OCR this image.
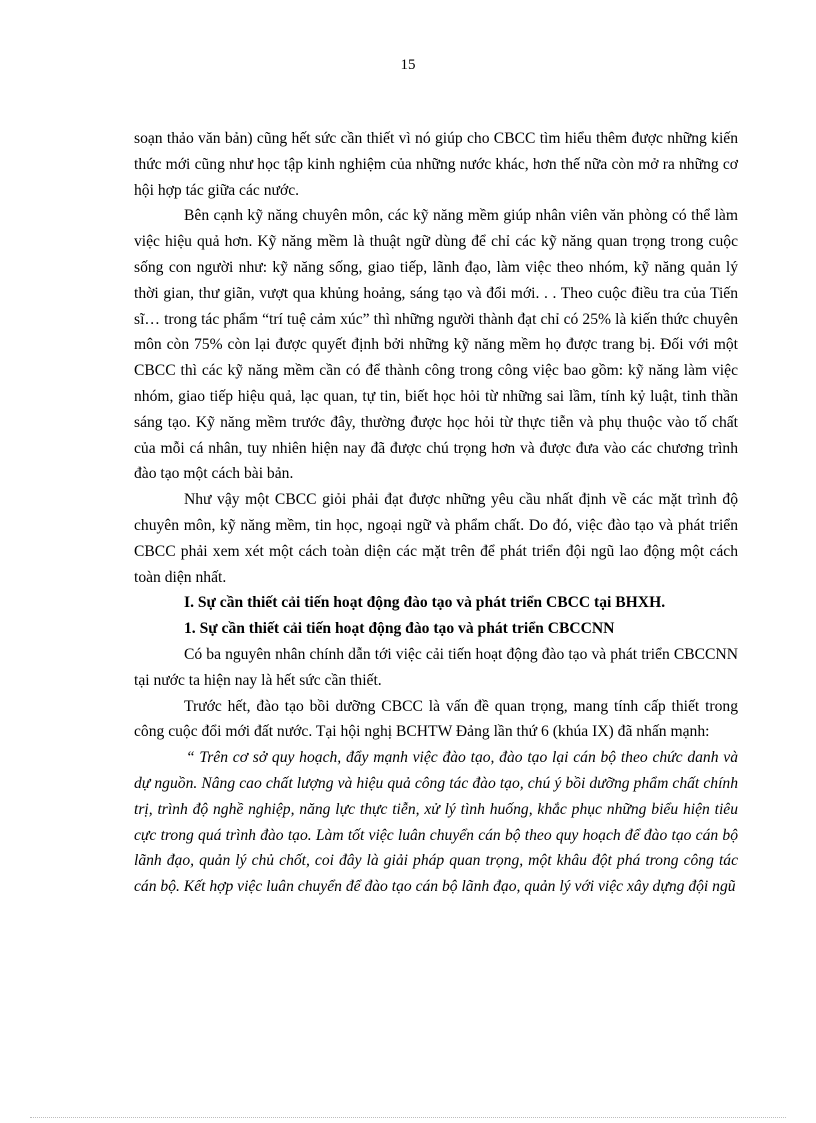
15

soạn thảo văn bản) cũng hết sức cần thiết vì nó giúp cho CBCC tìm hiểu thêm được những kiến thức mới cũng như học tập kinh nghiệm của những nước khác, hơn thế nữa còn mở ra những cơ hội hợp tác giữa các nước.

Bên cạnh kỹ năng chuyên môn, các kỹ năng mềm giúp nhân viên văn phòng có thể làm việc hiệu quả hơn. Kỹ năng mềm là thuật ngữ dùng để chỉ các kỹ năng quan trọng trong cuộc sống con người như: kỹ năng sống, giao tiếp, lãnh đạo, làm việc theo nhóm, kỹ năng quản lý thời gian, thư giãn, vượt qua khủng hoảng, sáng tạo và đổi mới. . . Theo cuộc điều tra của Tiến sĩ… trong tác phẩm “trí tuệ cảm xúc” thì những người thành đạt chỉ có 25% là kiến thức chuyên môn còn 75% còn lại được quyết định bởi những kỹ năng mềm họ được trang bị. Đối với một CBCC thì các kỹ năng mềm cần có để thành công trong công việc bao gồm: kỹ năng làm việc nhóm, giao tiếp hiệu quả, lạc quan, tự tin, biết học hỏi từ những sai lầm, tính kỷ luật, tinh thần sáng tạo. Kỹ năng mềm trước đây, thường được học hỏi từ thực tiễn và phụ thuộc vào tố chất của mỗi cá nhân, tuy nhiên hiện nay đã được chú trọng hơn và được đưa vào các chương trình đào tạo một cách bài bản.

Như vậy một CBCC giỏi phải đạt được những yêu cầu nhất định về các mặt trình độ chuyên môn, kỹ năng mềm, tin học, ngoại ngữ và phẩm chất. Do đó, việc đào tạo và phát triển CBCC phải xem xét một cách toàn diện các mặt trên để phát triển đội ngũ lao động một cách toàn diện nhất.

I. Sự cần thiết cải tiến hoạt động đào tạo và phát triển CBCC tại BHXH.

1. Sự cần thiết cải tiến hoạt động đào tạo và phát triển CBCCNN

Có ba nguyên nhân chính dẫn tới việc cải tiến hoạt động đào tạo và phát triển CBCCNN tại nước ta hiện nay là hết sức cần thiết.

Trước hết, đào tạo bồi dưỡng CBCC là vấn đề quan trọng, mang tính cấp thiết trong công cuộc đổi mới đất nước. Tại hội nghị BCHTW Đảng lần thứ 6 (khúa IX) đã nhấn mạnh:

“ Trên cơ sở quy hoạch, đẩy mạnh việc đào tạo, đào tạo lại cán bộ theo chức danh và dự nguồn. Nâng cao chất lượng và hiệu quả công tác đào tạo, chú ý bồi dưỡng phẩm chất chính trị, trình độ nghề nghiệp, năng lực thực tiễn, xử lý tình huống, khắc phục những biểu hiện tiêu cực trong quá trình đào tạo. Làm tốt việc luân chuyển cán bộ theo quy hoạch để đào tạo cán bộ lãnh đạo, quản lý chủ chốt, coi đây là giải pháp quan trọng, một khâu đột phá trong công tác cán bộ. Kết hợp việc luân chuyển để đào tạo cán bộ lãnh đạo, quản lý với việc xây dựng đội ngũ
